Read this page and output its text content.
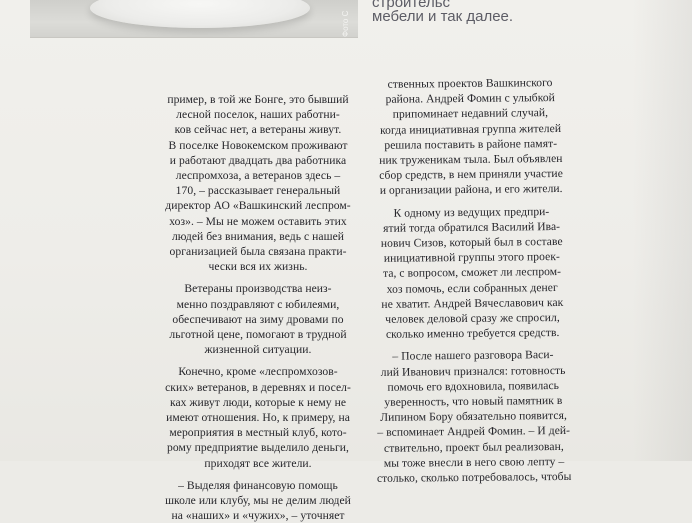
Фото С
строительс
мебели и так далее.
пример, в той же Бонге, это бывший
лесной поселок, наших работни-
ков сейчас нет, а ветераны живут.
В поселке Новокемском проживают
и работают двадцать два работника
леспромхоза, а ветеранов здесь –
170, – рассказывает генеральный
директор АО «Вашкинский леспром-
хоз». – Мы не можем оставить этих
людей без внимания, ведь с нашей
организацией была связана практи-
чески вся их жизнь.
Ветераны производства неиз-
менно поздравляют с юбилеями,
обеспечивают на зиму дровами по
льготной цене, помогают в трудной
жизненной ситуации.
Конечно, кроме «леспромхозов-
ских» ветеранов, в деревнях и посел-
ках живут люди, которые к нему не
имеют отношения. Но, к примеру, на
мероприятия в местный клуб, кото-
рому предприятие выделило деньги,
приходят все жители.
– Выделяя финансовую помощь
школе или клубу, мы не делим людей
на «наших» и «чужих», – уточняет
ственных проектов Вашкинского
района. Андрей Фомин с улыбкой
припоминает недавний случай,
когда инициативная группа жителей
решила поставить в районе памят-
ник труженикам тыла. Был объявлен
сбор средств, в нем приняли участие
и организации района, и его жители.
К одному из ведущих предпри-
ятий тогда обратился Василий Ива-
нович Сизов, который был в составе
инициативной группы этого проек-
та, с вопросом, сможет ли леспром-
хоз помочь, если собранных денег
не хватит. Андрей Вячеславович как
человек деловой сразу же спросил,
сколько именно требуется средств.
– После нашего разговора Васи-
лий Иванович признался: готовность
помочь его вдохновила, появилась
уверенность, что новый памятник в
Липином Бору обязательно появится,
– вспоминает Андрей Фомин. – И дей-
ствительно, проект был реализован,
мы тоже внесли в него свою лепту –
столько, сколько потребовалось, чтобы
